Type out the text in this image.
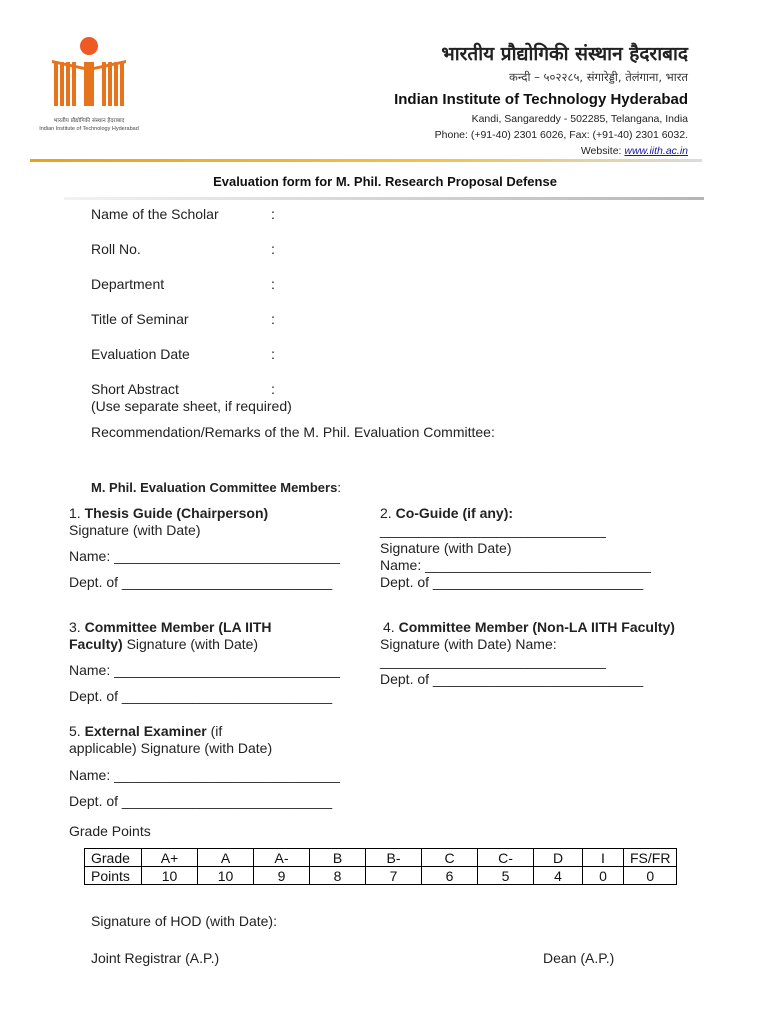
भारतीय प्रौद्योगिकी संस्थान हैदराबाद
Indian Institute of Technology Hyderabad
भारतीय प्रौद्योगिकी संस्थान हैदराबाद
कन्दी – ५०२२८५, संगारेड्डी, तेलंगाना, भारत
Indian Institute of Technology Hyderabad
Kandi, Sangareddy - 502285, Telangana, India
Phone: (+91-40) 2301 6026, Fax: (+91-40) 2301 6032.
Website: www.iith.ac.in
Evaluation form for M. Phil. Research Proposal Defense
Name of the Scholar	:
Roll No.	:
Department	:
Title of Seminar	:
Evaluation Date	:
Short Abstract	:
(Use separate sheet, if required)
Recommendation/Remarks of the M. Phil. Evaluation Committee:
M. Phil. Evaluation Committee Members:
1. Thesis Guide (Chairperson)
Signature (with Date)
Name: _____________________________
Dept. of ___________________________
2. Co-Guide (if any):
_____________________________
Signature (with Date)
Name: _____________________________
Dept. of ___________________________
3. Committee Member (LA IITH
Faculty) Signature (with Date)
Name: _____________________________
Dept. of ___________________________
4. Committee Member (Non-LA IITH Faculty)
Signature (with Date) Name:
_____________________________
Dept. of ___________________________
5. External Examiner (if
applicable) Signature (with Date)
Name: _____________________________
Dept. of ___________________________
Grade Points
Grade	A+	A	A-	B	B-	C	C-	D	I	FS/FR
Points	10	10	9	8	7	6	5	4	0	0
Signature of HOD (with Date):
Joint Registrar (A.P.)	Dean (A.P.)
